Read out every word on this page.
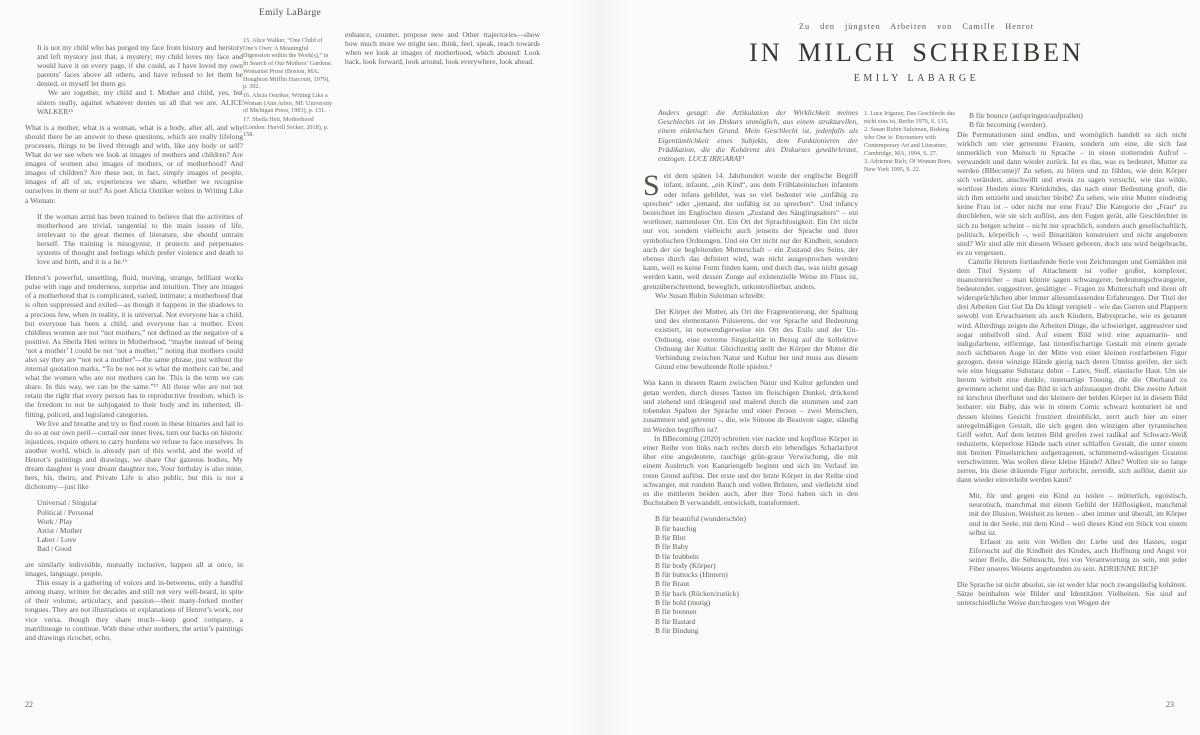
Emily LaBarge

It is not my child who has purged my face from history and herstory and left mystory just that, a mystery; my child loves my face and would have it on every page, if she could, as I have loved my own parents’ faces above all others, and have refused to let them be denied, or myself let them go.

We are together, my child and I. Mother and child, yes, but sisters really, against whatever denies us all that we are. ALICE WALKER¹⁵

What is a mother, what is a woman, what is a body, after all, and why should there be an answer to these questions, which are really lifelong processes, things to be lived through and with, like any body or self? What do we see when we look at images of mothers and children? Are images of women also images of mothers, or of motherhood? And images of children? Are these not, in fact, simply images of people, images of all of us, experiences we share, whether we recognise ourselves in them or not? As poet Alicia Ostriker writes in Writing Like a Woman:

If the woman artist has been trained to believe that the activities of motherhood are trivial, tangential to the main issues of life, irrelevant to the great themes of literature, she should untrain herself. The training is misogynist, it protects and perpetuates systems of thought and feelings which prefer violence and death to love and birth, and it is a lie.¹⁶

Henrot’s powerful, unsettling, fluid, moving, strange, brilliant works pulse with rage and tenderness, surprise and intuition. They are images of a motherhood that is complicated, varied, intimate; a motherhood that is often suppressed and exiled—as though it happens in the shadows to a precious few, when in reality, it is universal. Not everyone has a child, but everyone has been a child, and everyone has a mother. Even childless women are not “not mothers,” not defined as the negative of a positive. As Sheila Heti writes in Motherhood, “maybe instead of being ‘not a mother’ I could be not ‘not a mother,’” noting that mothers could also say they are “not not a mother”—the same phrase, just without the internal quotation marks. “To be not not is what the mothers can be, and what the women who are not mothers can be. This is the term we can share. In this way, we can be the same.”¹⁷ All those who are not not retain the right that every person has to reproductive freedom, which is the freedom to not be subjugated to their body and its inherited, ill-fitting, policed, and legislated categories.

We live and breathe and try to find room in these binaries and fail to do so at our own peril—curtail our inner lives, turn our backs on historic injustices, require others to carry burdens we refuse to face ourselves. In another world, which is already part of this world, and the world of Henrot’s paintings and drawings, we share Our gazeous bodies, My dream daughter is your dream daughter too, Your birthday is also mine, hers, his, theirs, and Private Life is also public, but this is not a dichotomy—just like

Universal / Singular
Political / Personal
Work / Play
Artist / Mother
Labor / Love
Bad / Good

are similarly indivisible, mutually inclusive, happen all at once, in images, language, people.

This essay is a gathering of voices and in-betweens, only a handful among many, written for decades and still not very well-heard, in spite of their volume, articulacy, and passion—their many-forked mother tongues. They are not illustrations or explanations of Henrot’s work, nor vice versa, though they share much—keep good company, a matrilineage to continue. With these other mothers, the artist’s paintings and drawings ricochet, echo,

15. Alice Walker, “One Child of One’s Own: A Meaningful Digression within the Work(s),” in In Search of Our Mothers’ Gardens: Womanist Prose (Boston, MA: Houghton Mifflin Harcourt, 1979), p. 392.
16. Alicia Ostriker, Writing Like a Woman (Ann Arbor, MI: University of Michigan Press, 1983), p. 131.
17. Sheila Heti, Motherhood (London: Harvill Secker, 2018), p. 158.

enhance, counter, propose new and Other trajectories—show how much more we might see, think, feel, speak, reach towards when we look at images of motherhood, which abound: Look back, look forward, look around, look everywhere, look ahead.

22
Zu den jüngsten Arbeiten von Camille Henrot
IN MILCH SCHREIBEN
EMILY LABARGE

Anders gesagt: die Artikulation der Wirklichkeit meines Geschlechts ist im Diskurs unmöglich, aus einem strukturellen, einem eidetischen Grund. Mein Geschlecht ist, jedenfalls als Eigentümlichkeit eines Subjekts, dem Funktionieren der Prädikation, die die Kohärenz des Diskurses gewährleistet, entzogen. LUCE IRIGARAY¹

Seit dem späten 14. Jahrhundert wurde der englische Begriff infant, infaunt, „ein Kind“, aus dem Frühlateinischen infantem oder infans gebildet, was so viel bedeutet wie „unfähig zu sprechen“ oder „jemand, der unfähig ist zu sprechen“. Und infancy bezeichnet im Englischen diesen „Zustand des Säuglingsalters“ – ein wortloser, namenloser Ort. Ein Ort der Sprachlosigkeit. Ein Ort nicht nur vor, sondern vielleicht auch jenseits der Sprache und ihrer symbolischen Ordnungen. Und ein Ort nicht nur der Kindheit, sondern auch der sie begleitenden Mutterschaft – ein Zustand des Seins, der ebenso durch das definiert wird, was nicht ausgesprochen werden kann, weil es keine Form finden kann, und durch das, was nicht gesagt werden kann, weil dessen Zunge auf existenzielle Weise im Fluss ist, grenzüberschreitend, beweglich, unkontrollierbar, anders.

Wie Susan Rubin Suleiman schreibt:

Der Körper der Mutter, als Ort der Fragmentierung, der Spaltung und des elementaren Pulsierens, der vor Sprache und Bedeutung existiert, ist notwendigerweise ein Ort des Exils und der Un-Ordnung, eine extreme Singularität in Bezug auf die kollektive Ordnung der Kultur. Gleichzeitig stellt der Körper der Mutter die Verbindung zwischen Natur und Kultur her und muss aus diesem Grund eine bewahrende Rolle spielen.²

Was kann in diesem Raum zwischen Natur und Kultur gefunden und getan werden, durch dieses Tasten im fleischigen Dunkel, drückend und ziehend und drängend und malend durch die stummen und zart tobenden Spalten der Sprache und einer Person – zwei Menschen, zusammen und getrennt –, die, wie Simone de Beauvoir sagte, ständig im Werden begriffen ist?

In BBecoming (2020) schreiten vier nackte und kopflose Körper in einer Reihe von links nach rechts durch ein lebendiges Scharlachrot über eine angedeutete, rauchige grün-graue Verwischung, die mit einem Ausbruch von Kanariengelb beginnt und sich im Verlauf im roten Grund auflöst. Der erste und der letzte Körper in der Reihe sind schwanger, mit rundem Bauch und vollen Brüsten, und vielleicht sind es die mittleren beiden auch, aber ihre Torsi haben sich in den Buchstaben B verwandelt, entwickelt, transformiert.

B für beautiful (wunderschön)
B für bauchig
B für Blut
B für Baby
B für brabbeln
B für body (Körper)
B für buttocks (Hintern)
B für Braut
B für back (Rücken/zurück)
B für bold (mutig)
B für brennen
B für Bastard
B für Bindung
1. Luce Irigaray, Das Geschlecht das nicht eins ist, Berlin 1979, S. 135.
2. Susan Rubin Suleiman, Risking who One is: Encounters with Contemporary Art and Literature, Cambridge, MA, 1994, S. 27.
3. Adrienne Rich, Of Woman Born, New York 1995, S. 22.
B für bounce (aufspringen/aufprallen)
B für becoming (werden).

Die Permutationen sind endlos, und womöglich handelt es sich nicht wirklich um vier getrennte Frauen, sondern um eine, die sich fast unmerklich von Mensch in Sprache – in einen stotternden Aufruf – verwandelt und dann wieder zurück. Ist es das, was es bedeutet, Mutter zu werden (BBecome)? Zu sehen, zu hören und zu fühlen, wie dein Körper sich verändert, anschwillt und etwas zu sagen versucht, wie das wilde, wortlose Heulen eines Kleinkindes, das nach einer Bedeutung greift, die sich ihm entzieht und unsicher bleibt? Zu sehen, wie eine Mutter eindeutig keine Frau ist – oder nicht nur eine Frau? Die Kategorie der „Frau“ zu durchleben, wie sie sich auflöst, aus den Fugen gerät, alle Geschlechter in sich zu bergen scheint – nicht nur sprachlich, sondern auch gesellschaftlich, politisch, körperlich –, weil Binaritäten konstruiert und nicht angeboren sind? Wir sind alle mit diesem Wissen geboren, doch uns wird beigebracht, es zu vergessen.

Camille Henrots fortlaufende Serie von Zeichnungen und Gemälden mit dem Titel System of Attachment ist voller großer, komplexer, nuancenreicher – man könnte sagen schwangerer, bedeutungschwangerer, bedeutender, suggestiver, gesättigter – Fragen zu Mutterschaft und ihren oft widersprüchlichen aber immer allesumfassenden Erfahrungen. Der Titel der drei Arbeiten Gut Gut Da Da klingt verspielt – wie das Gurren und Plappern sowohl von Erwachsenen als auch Kindern, Babysprache, wie es genannt wird. Allerdings zeigen die Arbeiten Dinge, die schwieriger, aggressiver und sogar unheilvoll sind. Auf einem Bild wird eine aquamarin- und indigofarbene, eiförmige, fast tintenfischartige Gestalt mit einem gerade noch sichtbaren Auge in der Mitte von einer kleinen rostfarbenen Figur gezogen, deren winzige Hände gierig nach deren Umriss greifen, der sich wie eine biegsame Substanz dehnt – Latex, Stoff, elastische Haut. Um sie herum wirbelt eine dunkle, tintenartige Tönung, die die Oberhand zu gewinnen scheint und das Bild in sich aufzusaugen droht. Die zweite Arbeit ist kirschrot überflutet und der kleinere der beiden Körper ist in diesem Bild lesbarer: ein Baby, das wie in einem Comic schwarz konturiert ist und dessen kleines Gesicht frustriert dreinblickt, zerrt auch hier an einer unregelmäßigen Gestalt, die sich gegen den winzigen aber tyrannischen Griff wehrt. Auf dem letzten Bild greifen zwei radikal auf Schwarz-Weiß reduzierte, körperlose Hände nach einer schlaffen Gestalt, die unter einem mit breiten Pinselstrichen aufgetragenen, schimmernd-wässrigen Grauton verschwimmt. Was wollen diese kleine Hände? Alles? Wollen sie so lange zerren, bis diese dräuende Figur zerbricht, zerreißt, sich auflöst, damit sie dann wieder einverleibt werden kann?

Mit, für und gegen ein Kind zu leiden – mütterlich, egoistisch, neurotisch, manchmal mit einem Gefühl der Hilflosigkeit, manchmal mit der Illusion, Weisheit zu lernen – aber immer und überall, im Körper und in der Seele, mit dem Kind – weil dieses Kind ein Stück von einem selbst ist.

Erfasst zu sein von Wellen der Liebe und des Hasses, sogar Eifersucht auf die Kindheit des Kindes, auch Hoffnung und Angst vor seiner Reife, die Sehnsucht, frei von Verantwortung zu sein, mit jeder Fiber unseres Wesens angebunden zu sein. ADRIENNE RICH³

Die Sprache ist nicht absolut, sie ist weder klar noch zwangsläufig kohärent. Sätze beinhalten wie Bilder und Identitäten Vielheiten. Sie sind auf unterschiedliche Weise durchzogen von Wogen der

23
